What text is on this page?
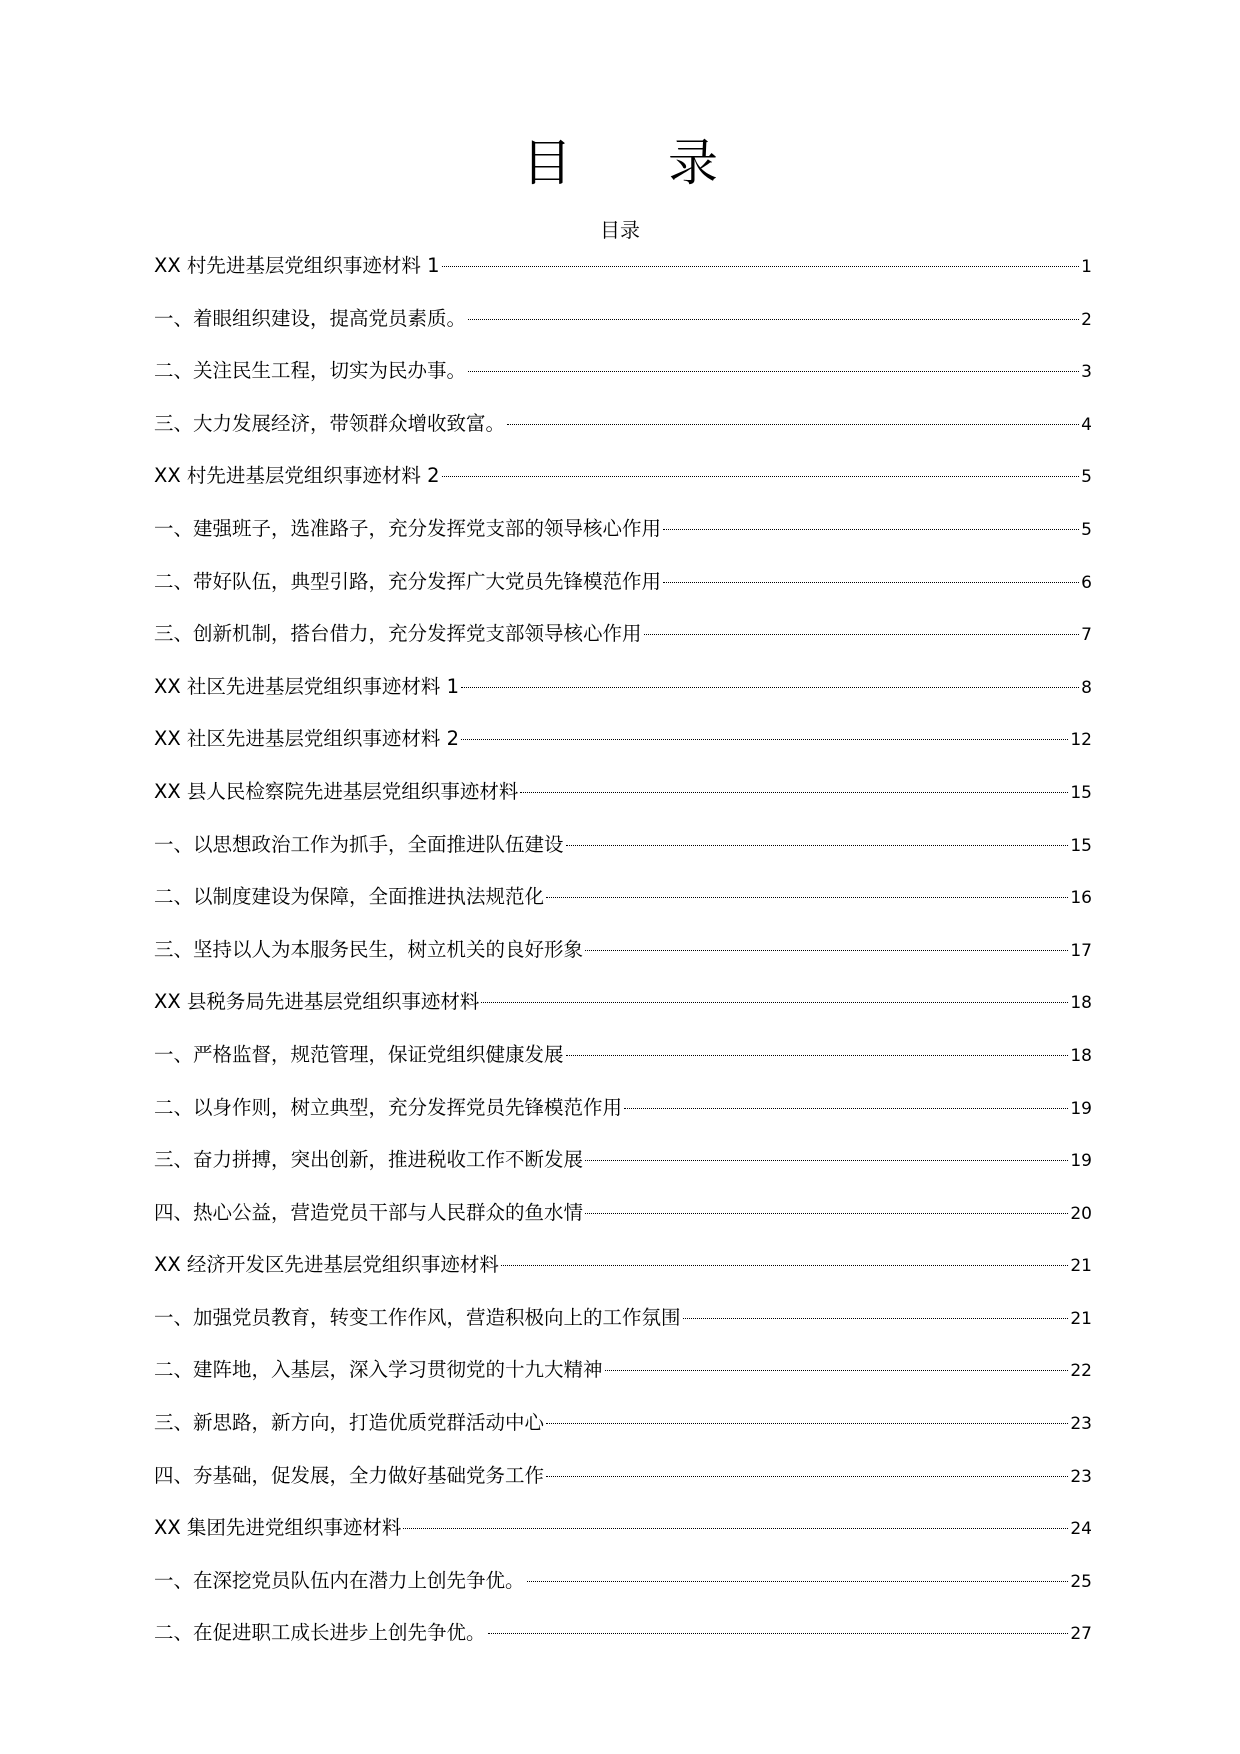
目 录
目录
XX 村先进基层党组织事迹材料 1	1
一、着眼组织建设，提高党员素质。	2
二、关注民生工程，切实为民办事。	3
三、大力发展经济，带领群众增收致富。	4
XX 村先进基层党组织事迹材料 2	5
一、建强班子，选准路子，充分发挥党支部的领导核心作用	5
二、带好队伍，典型引路，充分发挥广大党员先锋模范作用	6
三、创新机制，搭台借力，充分发挥党支部领导核心作用	7
XX 社区先进基层党组织事迹材料 1	8
XX 社区先进基层党组织事迹材料 2	12
XX 县人民检察院先进基层党组织事迹材料	15
一、以思想政治工作为抓手，全面推进队伍建设	15
二、以制度建设为保障，全面推进执法规范化	16
三、坚持以人为本服务民生，树立机关的良好形象	17
XX 县税务局先进基层党组织事迹材料	18
一、严格监督，规范管理，保证党组织健康发展	18
二、以身作则，树立典型，充分发挥党员先锋模范作用	19
三、奋力拼搏，突出创新，推进税收工作不断发展	19
四、热心公益，营造党员干部与人民群众的鱼水情	20
XX 经济开发区先进基层党组织事迹材料	21
一、加强党员教育，转变工作作风，营造积极向上的工作氛围	21
二、建阵地，入基层，深入学习贯彻党的十九大精神	22
三、新思路，新方向，打造优质党群活动中心	23
四、夯基础，促发展，全力做好基础党务工作	23
XX 集团先进党组织事迹材料	24
一、在深挖党员队伍内在潜力上创先争优。	25
二、在促进职工成长进步上创先争优。	27
